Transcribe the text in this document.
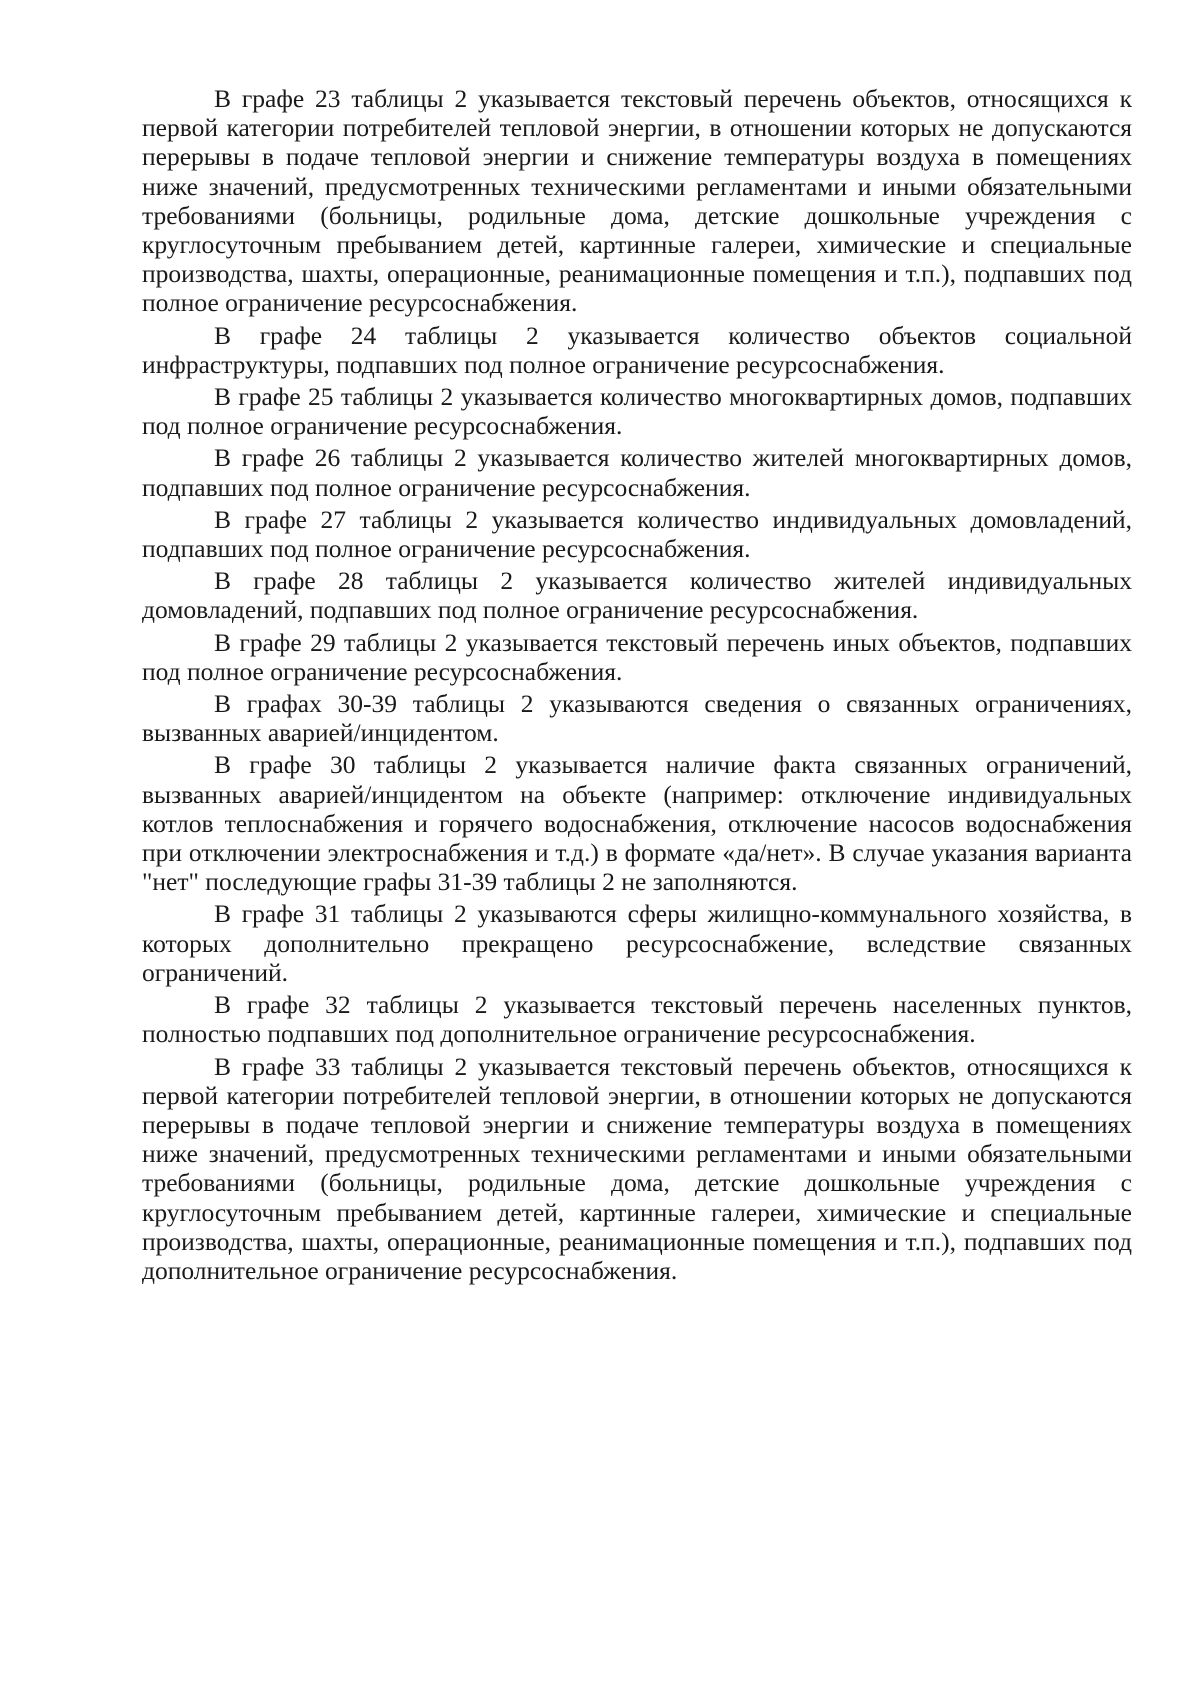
В графе 23 таблицы 2 указывается текстовый перечень объектов, относящихся к первой категории потребителей тепловой энергии, в отношении которых не допускаются перерывы в подаче тепловой энергии и снижение температуры воздуха в помещениях ниже значений, предусмотренных техническими регламентами и иными обязательными требованиями (больницы, родильные дома, детские дошкольные учреждения с круглосуточным пребыванием детей, картинные галереи, химические и специальные производства, шахты, операционные, реанимационные помещения и т.п.), подпавших под полное ограничение ресурсоснабжения.

В графе 24 таблицы 2 указывается количество объектов социальной инфраструктуры, подпавших под полное ограничение ресурсоснабжения.

В графе 25 таблицы 2 указывается количество многоквартирных домов, подпавших под полное ограничение ресурсоснабжения.

В графе 26 таблицы 2 указывается количество жителей многоквартирных домов, подпавших под полное ограничение ресурсоснабжения.

В графе 27 таблицы 2 указывается количество индивидуальных домовладений, подпавших под полное ограничение ресурсоснабжения.

В графе 28 таблицы 2 указывается количество жителей индивидуальных домовладений, подпавших под полное ограничение ресурсоснабжения.

В графе 29 таблицы 2 указывается текстовый перечень иных объектов, подпавших под полное ограничение ресурсоснабжения.

В графах 30-39 таблицы 2 указываются сведения о связанных ограничениях, вызванных аварией/инцидентом.

В графе 30 таблицы 2 указывается наличие факта связанных ограничений, вызванных аварией/инцидентом на объекте (например: отключение индивидуальных котлов теплоснабжения и горячего водоснабжения, отключение насосов водоснабжения при отключении электроснабжения и т.д.) в формате «да/нет». В случае указания варианта "нет" последующие графы 31-39 таблицы 2 не заполняются.

В графе 31 таблицы 2 указываются сферы жилищно-коммунального хозяйства, в которых дополнительно прекращено ресурсоснабжение, вследствие связанных ограничений.

В графе 32 таблицы 2 указывается текстовый перечень населенных пунктов, полностью подпавших под дополнительное ограничение ресурсоснабжения.

В графе 33 таблицы 2 указывается текстовый перечень объектов, относящихся к первой категории потребителей тепловой энергии, в отношении которых не допускаются перерывы в подаче тепловой энергии и снижение температуры воздуха в помещениях ниже значений, предусмотренных техническими регламентами и иными обязательными требованиями (больницы, родильные дома, детские дошкольные учреждения с круглосуточным пребыванием детей, картинные галереи, химические и специальные производства, шахты, операционные, реанимационные помещения и т.п.), подпавших под дополнительное ограничение ресурсоснабжения.
